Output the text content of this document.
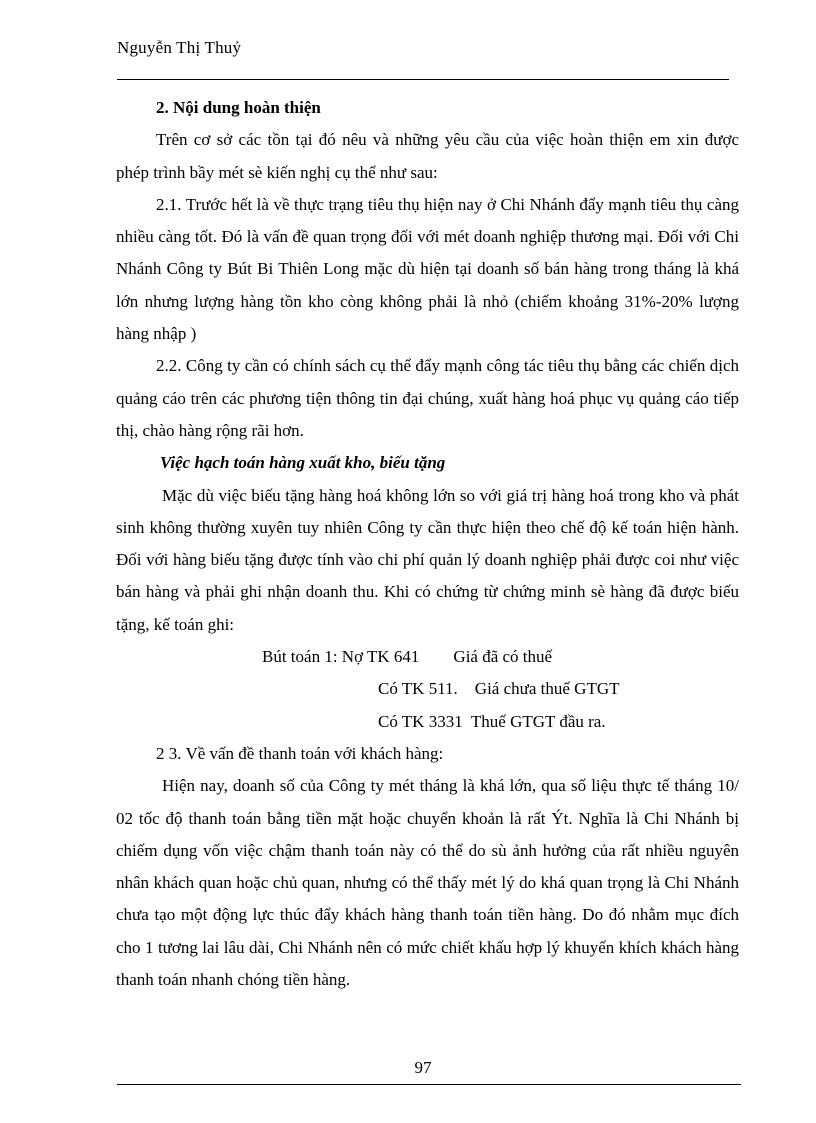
Nguyễn Thị Thuỷ

2. Nội dung hoàn thiện

Trên cơ sở các tồn tại đó nêu và những yêu cầu của việc hoàn thiện em xin được phép trình bầy mét sè kiến nghị cụ thể như sau:

2.1. Trước hết là về thực trạng tiêu thụ hiện nay ở Chi Nhánh đẩy mạnh tiêu thụ càng nhiều càng tốt. Đó là vấn đề quan trọng đối với mét doanh nghiệp thương mại. Đối với Chi Nhánh Công ty Bút Bi Thiên Long mặc dù hiện tại doanh số bán hàng trong tháng là khá lớn nhưng lượng hàng tồn kho còng không phải là nhỏ (chiếm khoảng 31%-20% lượng hàng nhập )

2.2. Công ty cần có chính sách cụ thể đẩy mạnh công tác tiêu thụ bằng các chiến dịch quảng cáo trên các phương tiện thông tin đại chúng, xuất hàng hoá phục vụ quảng cáo tiếp thị, chào hàng rộng rãi hơn.

Việc hạch toán hàng xuất kho, biếu tặng

Mặc dù việc biếu tặng hàng hoá không lớn so với giá trị hàng hoá trong kho và phát sinh không thường xuyên tuy nhiên Công ty cần thực hiện theo chế độ kế toán hiện hành. Đối với hàng biếu tặng được tính vào chi phí quản lý doanh nghiệp phải được coi như việc bán hàng và phải ghi nhận doanh thu. Khi có chứng từ chứng minh sè hàng đã được biếu tặng, kế toán ghi:

Bút toán 1: Nợ TK 641        Giá đã có thuế

Có TK 511.    Giá chưa thuế GTGT

Có TK 3331  Thuế GTGT đầu ra.

2 3. Về vấn đề thanh toán với khách hàng:

Hiện nay, doanh số của Công ty mét tháng là khá lớn, qua số liệu thực tế tháng 10/ 02 tốc độ thanh toán bằng tiền mặt hoặc chuyển khoản là rất Ýt. Nghĩa là Chi Nhánh bị chiếm dụng vốn việc chậm thanh toán này có thể do sù ảnh hưởng của rất nhiều nguyên nhân khách quan hoặc chủ quan, nhưng có thể thấy mét lý do khá quan trọng là Chi Nhánh chưa tạo một động lực thúc đẩy khách hàng thanh toán tiền hàng. Do đó nhằm mục đích cho 1 tương lai lâu dài, Chi Nhánh nên có mức chiết khấu hợp lý khuyến khích khách hàng thanh toán nhanh chóng tiền hàng.

97
